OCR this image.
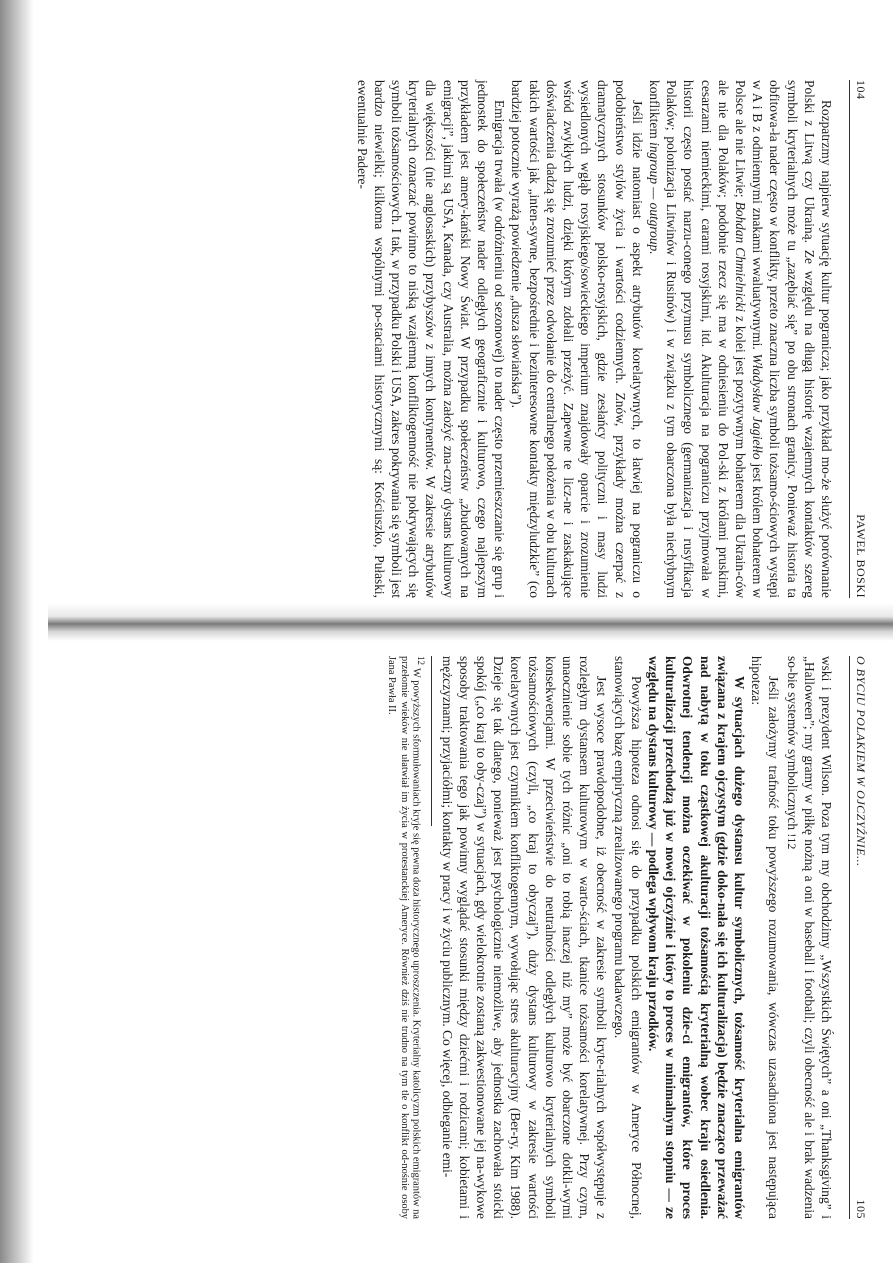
104
PAWEŁ BOSKI

Rozpatrzmy najpierw sytuację kultur pogranicza; jako przykład mo-że służyć porównanie Polski z Litwą czy Ukrainą. Ze względu na długą historię wzajemnych kontaktów szereg symboli kryterialnych może tu „zazębiać się” po obu stronach granicy. Ponieważ historia ta obfitowa-ła nader często w konflikty, przeto znaczna liczba symboli tożsamo-ściowych występi w A i B z odmiennymi znakami wwaluatywnymi. Władysław Jagiełło jest królem bohaterem w Polsce ale nie Litwie; Bohdan Chmielnicki z kolei jest pozytywnym bohaterem dla Ukrain-ców ale nie dla Polaków; podobnie rzecz się ma w odniesieniu do Pol-ski z królami pruskimi, cesarzami niemieckimi, carami rosyjskimi, itd. Akulturacja na pograniczu przyjmowała w historii często postać narzu-conego przymusu symbolicznego (germanizacja i rusyfikacja Polaków; polonizacja Litwinów i Rusinów) i w związku z tym obarczona była niechybnym konfliktem ingroup — outgroup.

Jeśli idzie natomiast o aspekt atrybutów korelatywnych, to łatwiej na pograniczu o podobieństwo stylów życia i wartości codziennych. Znów, przykłady można czerpać z dramatycznych stosunków polsko-rosyjskich, gdzie zesłańcy polityczni i masy ludzi wysiedlonych wgłąb rosyjskiego/sowieckiego imperium znajdowały oparcie i zrozumienie wśród zwykłych ludzi, dzięki którym zdołali przeżyć. Zapewne te licz-ne i zaskakujące doświadczenia dadzą się zrozumieć przez odwołanie do centralnego położenia w obu kulturach takich wartości jak „inten-sywne, bezpośrednie i bezinteresowne kontakty międzyludzkie” (co bardziej potocznie wyrażą powiedzenie „dusza słowiańska”).

Emigracja trwała (w odróżnieniu od sezonowej) to nader często przemieszczanie się grup i jednostek do społeczeństw nader odległych geograficznie i kulturowo, czego najlepszym przykładem jest amery-kański Nowy Świat. W przypadku społeczeństw „zbudowanych na emigracji”, jakimi są USA, Kanada, czy Australia, można założyć zna-czny dystans kulturowy dla większości (nie anglosaskich) przybyszów z innych kontynentów. W zakresie atrybutów kryterialnych oznaczać powinno to niską wzajemną konfliktogenność nie pokrywających się symboli tożsamościowych. I tak, w przypadku Polski i USA, zakres pokrywania się symboli jest bardzo niewielki; kilkoma wspólnymi po-staciami historycznymi są: Kościuszko, Pułaski, ewentualnie Padere-

O BYCIU POLAKIEM W OJCZYŹNIE...
105

wski i prezydent Wilson. Poza tym my obchodzimy „Wszystkich Świętych” a oni „Thanksgiving” i „Halloween”; my gramy w piłkę nożną a oni w baseball i football; czyli obecność ale i brak wadzenia so-bie systemów symbolicznych !12

Jeśli założymy trafność toku powyższego rozumowania, wówczas uzasadniona jest następująca hipoteza:

W sytuacjach dużego dystansu kultur symbolicznych, tożsamość kryterialna emigrantów związana z krajem ojczystym (gdzie doko-nała się ich kulturalizacja) będzie znacząco przeważać nad nabytą w toku cząstkowej akulturacji tożsamością kryterialną wobec kraju osiedlenia. Odwrotnej tendencji można oczekiwać w pokoleniu dzie-ci emigrantów, które proces kulturalizacji przechodzą już w nowej ojczyźnie i który to proces w minimalnym stopniu — ze względu na dystans kulturowy — podlega wpływom kraju przodków.

Powyższa hipoteza odnosi się do przypadku polskich emigrantów w Ameryce Północnej, stanowiących bazę empiryczną zrealizowanego programu badawczego.

Jest wysoce prawdopodobne, iż obecność w zakresie symboli kryte-rialnych współwystępuje z rozległym dystansem kulturowym w warto-ściach, tkanice tożsamości korelatywnej. Przy czym, unaocznienie sobie tych różnic „oni to robią inaczej niż my” może być obarczone dotkli-wymi konsekwencjami. W przeciwieństwie do neutralności odległych kulturowo kryterialnych symboli tożsamościowych (czyli, „co kraj to obyczaj”), duży dystans kulturowy w zakresie wartości korelatywnych jest czynnikiem konfliktogennym, wywołując stres akulturacyjny (Ber-ry, Kim 1988). Dzieje się tak dlatego, ponieważ jest psychologicznie niemożliwe, aby jednostka zachowała stoicki spokój („co kraj to oby-czaj”) w sytuacjach, gdy wielokrotnie zostaną zakwestionowane jej na-wykowe sposoby traktowania tego jak powinny wyglądać stosunki między dziećmi i rodzicami; kobietami i mężczyznami; przyjaciółmi; kontakty w pracy i w życiu publicznym. Co więcej, odbieganie emi-

12W powyższych sformułowaniach kryje się pewna doza historycznego uproszczenia. Kryterialny katolicyzm polskich emigrantów na przełomie wieków nie ułatwiał im życia w protestanckiej Ameryce. Również dziś nie trudno na tym tle o konflikt od-nośnie osoby Jana Pawła II.
